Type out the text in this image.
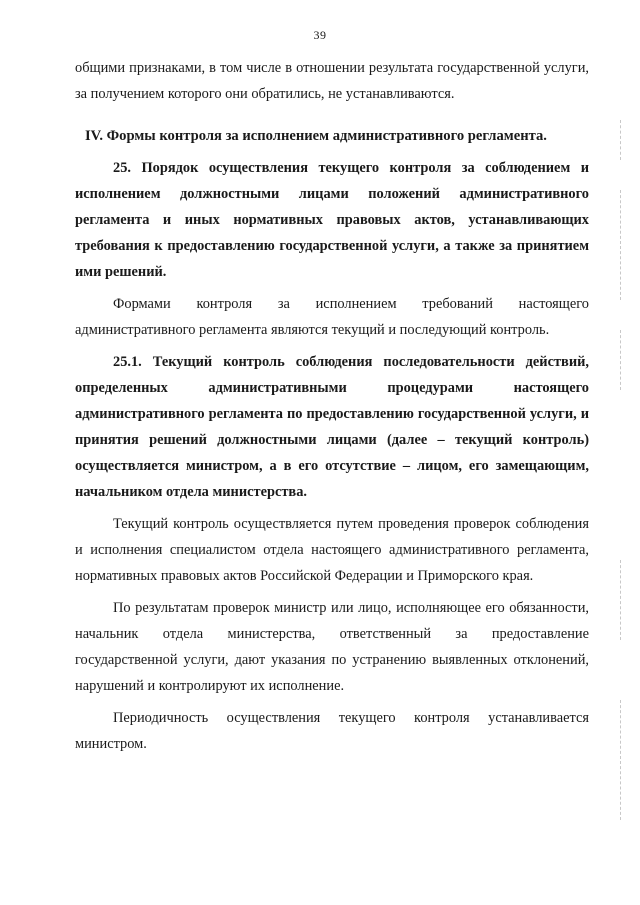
39

общими признаками, в том числе в отношении результата государственной услуги, за получением которого они обратились, не устанавливаются.

IV. Формы контроля за исполнением административного регламента.

25. Порядок осуществления текущего контроля за соблюдением и исполнением должностными лицами положений административного регламента и иных нормативных правовых актов, устанавливающих требования к предоставлению государственной услуги, а также за принятием ими решений.

Формами контроля за исполнением требований настоящего административного регламента являются текущий и последующий контроль.

25.1. Текущий контроль соблюдения последовательности действий, определенных административными процедурами настоящего административного регламента по предоставлению государственной услуги, и принятия решений должностными лицами (далее – текущий контроль) осуществляется министром, а в его отсутствие – лицом, его замещающим, начальником отдела министерства.

Текущий контроль осуществляется путем проведения проверок соблюдения и исполнения специалистом отдела настоящего административного регламента, нормативных правовых актов Российской Федерации и Приморского края.

По результатам проверок министр или лицо, исполняющее его обязанности, начальник отдела министерства, ответственный за предоставление государственной услуги, дают указания по устранению выявленных отклонений, нарушений и контролируют их исполнение.

Периодичность осуществления текущего контроля устанавливается министром.
